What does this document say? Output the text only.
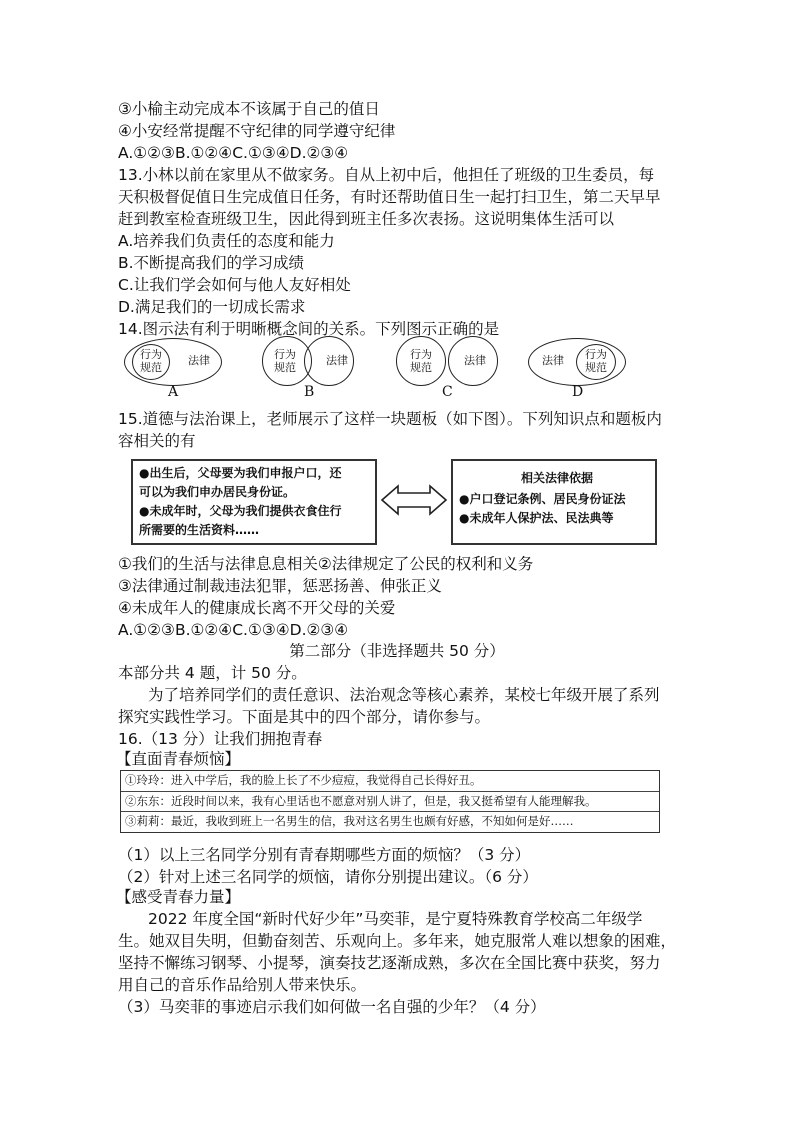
③小榆主动完成本不该属于自己的值日
④小安经常提醒不守纪律的同学遵守纪律
A.①②③B.①②④C.①③④D.②③④
13.小林以前在家里从不做家务。自从上初中后，他担任了班级的卫生委员，每
天积极督促值日生完成值日任务，有时还帮助值日生一起打扫卫生，第二天早早
赶到教室检查班级卫生，因此得到班主任多次表扬。这说明集体生活可以
A.培养我们负责任的态度和能力
B.不断提高我们的学习成绩
C.让我们学会如何与他人友好相处
D.满足我们的一切成长需求
14.图示法有利于明晰概念间的关系。下列图示正确的是
行为
规范
法律
A
行为
规范
法律
B
行为
规范
法律
C
法律	行为
规范
D
15.道德与法治课上，老师展示了这样一块题板（如下图）。下列知识点和题板内
容相关的有

●出生后，父母要为我们申报户口，还

可以为我们申办居民身份证。

●未成年时，父母为我们提供衣食住行

所需要的生活资料……

相关法律依据

●户口登记条例、居民身份证法

●未成年人保护法、民法典等

①我们的生活与法律息息相关②法律规定了公民的权利和义务
③法律通过制裁违法犯罪，惩恶扬善、伸张正义
④未成年人的健康成长离不开父母的关爱
A.①②③B.①②④C.①③④D.②③④
第二部分（非选择题共 50 分）
本部分共 4 题，计 50 分。
为了培养同学们的责任意识、法治观念等核心素养，某校七年级开展了系列
探究实践性学习。下面是其中的四个部分，请你参与。
16.（13 分）让我们拥抱青春
【直面青春烦恼】
①玲玲：进入中学后，我的脸上长了不少痘痘，我觉得自己长得好丑。
②东东：近段时间以来，我有心里话也不愿意对别人讲了，但是，我又挺希望有人能理解我。
③莉莉：最近，我收到班上一名男生的信，我对这名男生也颇有好感，不知如何是好……
（1）以上三名同学分别有青春期哪些方面的烦恼？（3 分）
（2）针对上述三名同学的烦恼，请你分别提出建议。（6 分）
【感受青春力量】
2022 年度全国“新时代好少年”马奕菲，是宁夏特殊教育学校高二年级学
生。她双目失明，但勤奋刻苦、乐观向上。多年来，她克服常人难以想象的困难，
坚持不懈练习钢琴、小提琴，演奏技艺逐渐成熟，多次在全国比赛中获奖，努力
用自己的音乐作品给别人带来快乐。
（3）马奕菲的事迹启示我们如何做一名自强的少年？（4 分）
